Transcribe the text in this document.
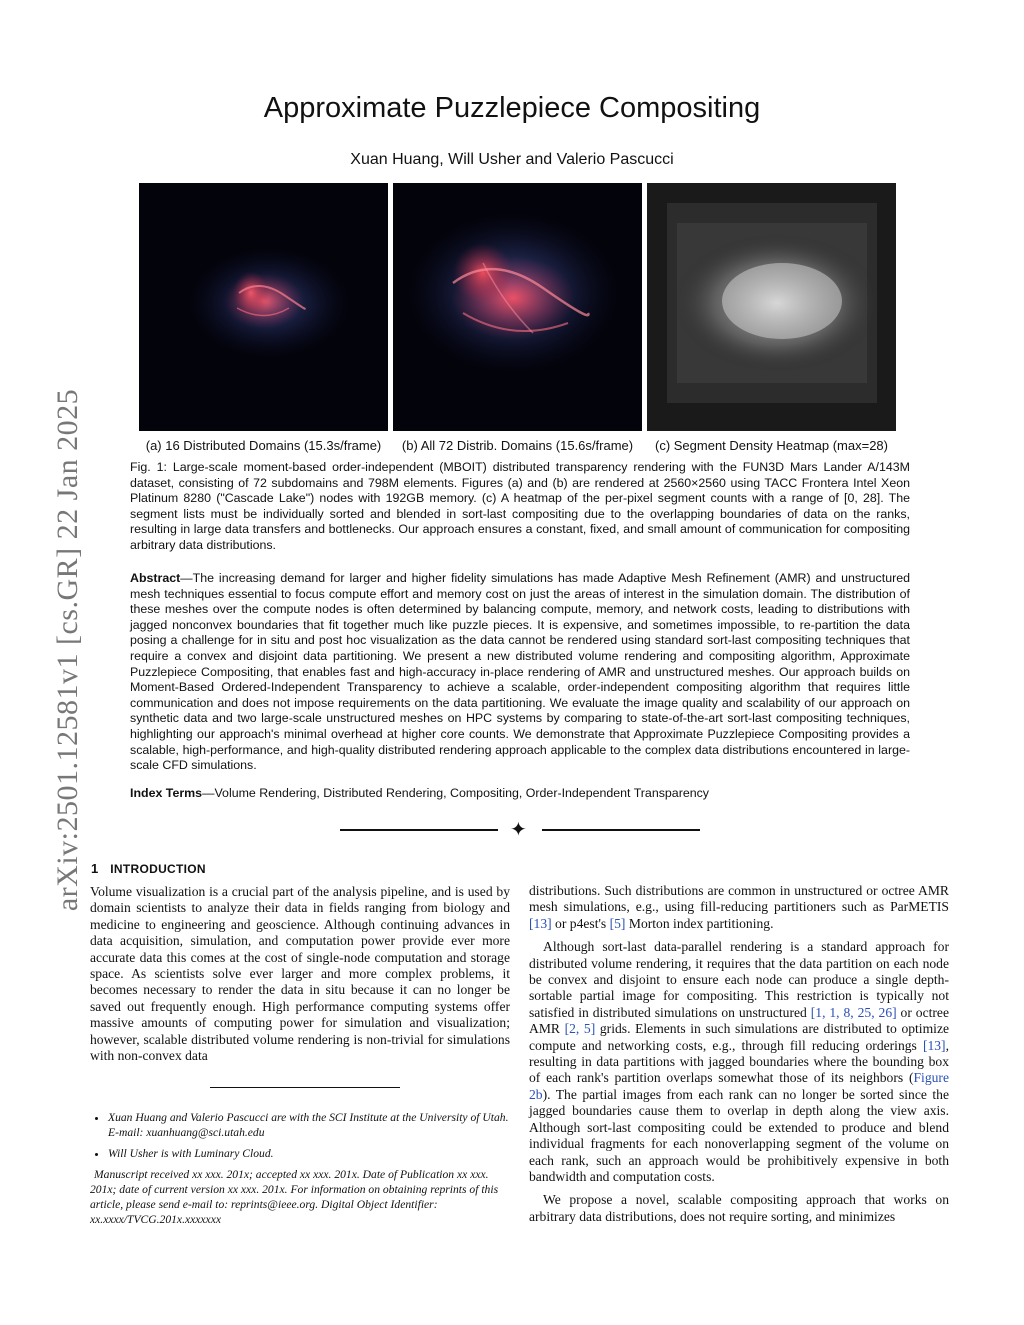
arXiv:2501.12581v1 [cs.GR] 22 Jan 2025
Approximate Puzzlepiece Compositing
Xuan Huang, Will Usher and Valerio Pascucci
(a) 16 Distributed Domains (15.3s/frame)	(b) All 72 Distrib. Domains (15.6s/frame)	(c) Segment Density Heatmap (max=28)
Fig. 1: Large-scale moment-based order-independent (MBOIT) distributed transparency rendering with the FUN3D Mars Lander A/143M dataset, consisting of 72 subdomains and 798M elements. Figures (a) and (b) are rendered at 2560×2560 using TACC Frontera Intel Xeon Platinum 8280 ("Cascade Lake") nodes with 192GB memory. (c) A heatmap of the per-pixel segment counts with a range of [0, 28]. The segment lists must be individually sorted and blended in sort-last compositing due to the overlapping boundaries of data on the ranks, resulting in large data transfers and bottlenecks. Our approach ensures a constant, fixed, and small amount of communication for compositing arbitrary data distributions.
Abstract—The increasing demand for larger and higher fidelity simulations has made Adaptive Mesh Refinement (AMR) and unstructured mesh techniques essential to focus compute effort and memory cost on just the areas of interest in the simulation domain. The distribution of these meshes over the compute nodes is often determined by balancing compute, memory, and network costs, leading to distributions with jagged nonconvex boundaries that fit together much like puzzle pieces. It is expensive, and sometimes impossible, to re-partition the data posing a challenge for in situ and post hoc visualization as the data cannot be rendered using standard sort-last compositing techniques that require a convex and disjoint data partitioning. We present a new distributed volume rendering and compositing algorithm, Approximate Puzzlepiece Compositing, that enables fast and high-accuracy in-place rendering of AMR and unstructured meshes. Our approach builds on Moment-Based Ordered-Independent Transparency to achieve a scalable, order-independent compositing algorithm that requires little communication and does not impose requirements on the data partitioning. We evaluate the image quality and scalability of our approach on synthetic data and two large-scale unstructured meshes on HPC systems by comparing to state-of-the-art sort-last compositing techniques, highlighting our approach's minimal overhead at higher core counts. We demonstrate that Approximate Puzzlepiece Compositing provides a scalable, high-performance, and high-quality distributed rendering approach applicable to the complex data distributions encountered in large-scale CFD simulations.
Index Terms—Volume Rendering, Distributed Rendering, Compositing, Order-Independent Transparency
✦
1 INTRODUCTION

Volume visualization is a crucial part of the analysis pipeline, and is used by domain scientists to analyze their data in fields ranging from biology and medicine to engineering and geoscience. Although continuing advances in data acquisition, simulation, and computation power provide ever more accurate data this comes at the cost of single-node computation and storage space. As scientists solve ever larger and more complex problems, it becomes necessary to render the data in situ because it can no longer be saved out frequently enough. High performance computing systems offer massive amounts of computing power for simulation and visualization; however, scalable distributed volume rendering is non-trivial for simulations with non-convex data

• Xuan Huang and Valerio Pascucci are with the SCI Institute at the University of Utah. E-mail: xuanhuang@sci.utah.edu
• Will Usher is with Luminary Cloud.
Manuscript received xx xxx. 201x; accepted xx xxx. 201x. Date of Publication xx xxx. 201x; date of current version xx xxx. 201x. For information on obtaining reprints of this article, please send e-mail to: reprints@ieee.org. Digital Object Identifier: xx.xxxx/TVCG.201x.xxxxxxx

distributions. Such distributions are common in unstructured or octree AMR mesh simulations, e.g., using fill-reducing partitioners such as ParMETIS [13] or p4est's [5] Morton index partitioning.

Although sort-last data-parallel rendering is a standard approach for distributed volume rendering, it requires that the data partition on each node be convex and disjoint to ensure each node can produce a single depth-sortable partial image for compositing. This restriction is typically not satisfied in distributed simulations on unstructured [1, 1, 8, 25, 26] or octree AMR [2, 5] grids. Elements in such simulations are distributed to optimize compute and networking costs, e.g., through fill reducing orderings [13], resulting in data partitions with jagged boundaries where the bounding box of each rank's partition overlaps somewhat those of its neighbors (Figure 2b). The partial images from each rank can no longer be sorted since the jagged boundaries cause them to overlap in depth along the view axis. Although sort-last compositing could be extended to produce and blend individual fragments for each nonoverlapping segment of the volume on each rank, such an approach would be prohibitively expensive in both bandwidth and computation costs.

We propose a novel, scalable compositing approach that works on arbitrary data distributions, does not require sorting, and minimizes
